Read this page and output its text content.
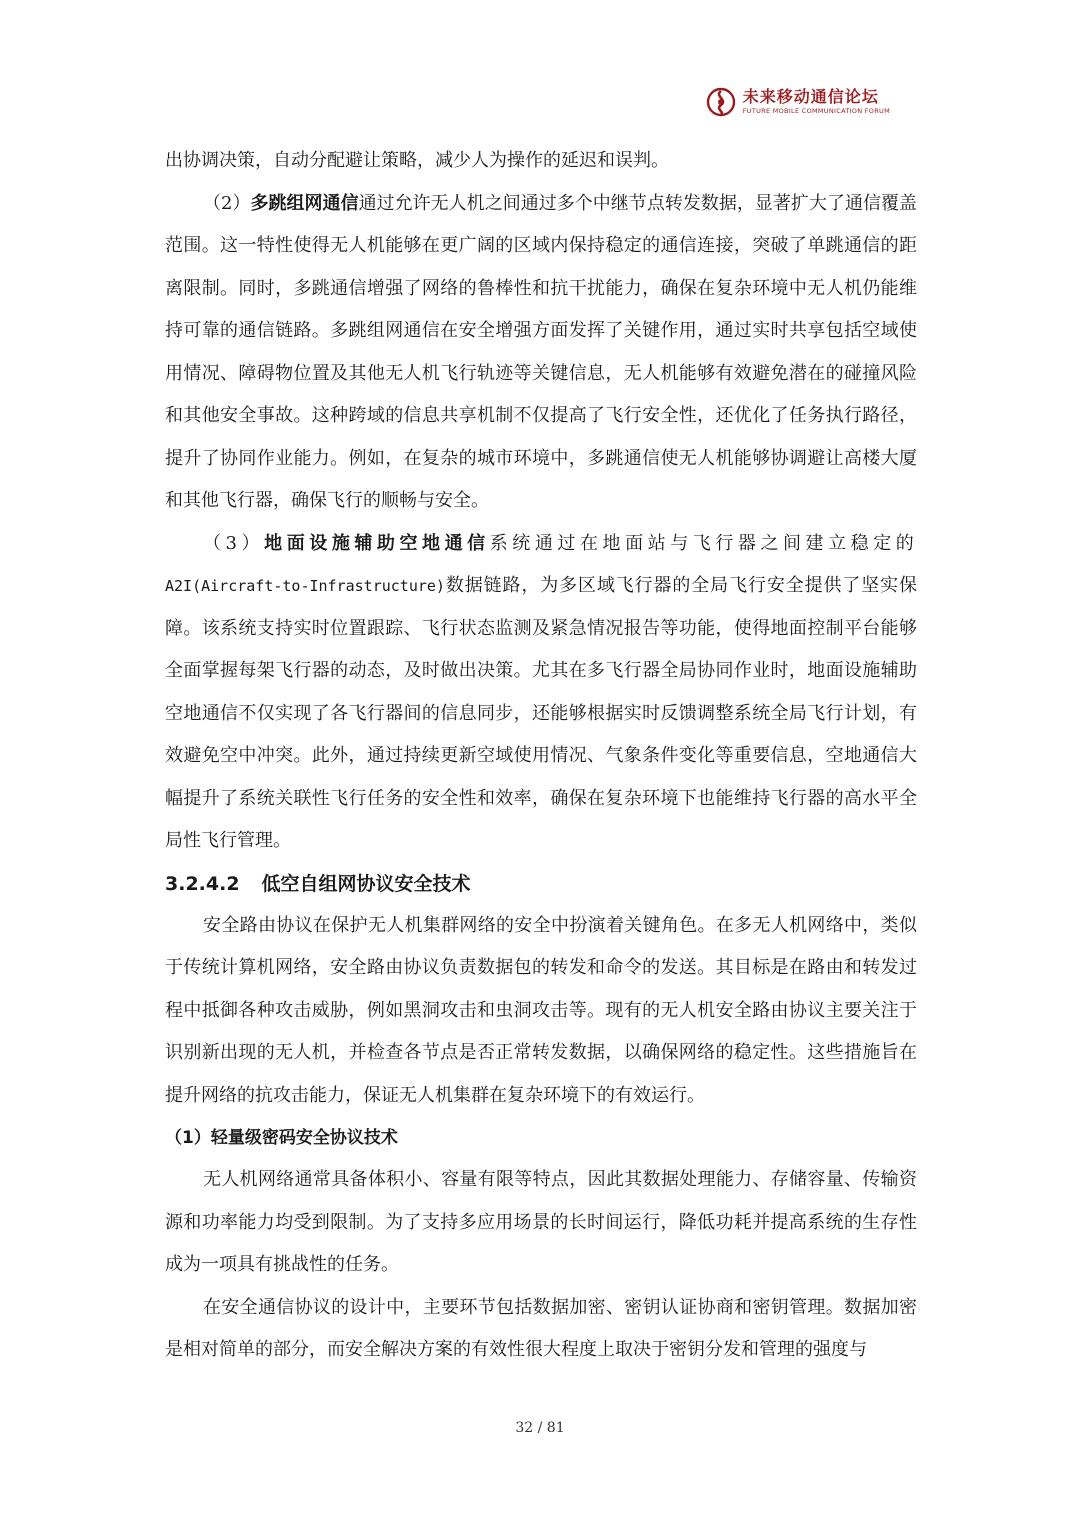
未来移动通信论坛
FUTURE MOBILE COMMUNICATION FORUM

出协调决策，自动分配避让策略，减少人为操作的延迟和误判。

（2）多跳组网通信通过允许无人机之间通过多个中继节点转发数据，显著扩大了通信覆盖范围。这一特性使得无人机能够在更广阔的区域内保持稳定的通信连接，突破了单跳通信的距离限制。同时，多跳通信增强了网络的鲁棒性和抗干扰能力，确保在复杂环境中无人机仍能维持可靠的通信链路。多跳组网通信在安全增强方面发挥了关键作用，通过实时共享包括空域使用情况、障碍物位置及其他无人机飞行轨迹等关键信息，无人机能够有效避免潜在的碰撞风险和其他安全事故。这种跨域的信息共享机制不仅提高了飞行安全性，还优化了任务执行路径，提升了协同作业能力。例如，在复杂的城市环境中，多跳通信使无人机能够协调避让高楼大厦和其他飞行器，确保飞行的顺畅与安全。

（3）地面设施辅助空地通信系统通过在地面站与飞行器之间建立稳定的A2I(Aircraft-to-Infrastructure)数据链路，为多区域飞行器的全局飞行安全提供了坚实保障。该系统支持实时位置跟踪、飞行状态监测及紧急情况报告等功能，使得地面控制平台能够全面掌握每架飞行器的动态，及时做出决策。尤其在多飞行器全局协同作业时，地面设施辅助空地通信不仅实现了各飞行器间的信息同步，还能够根据实时反馈调整系统全局飞行计划，有效避免空中冲突。此外，通过持续更新空域使用情况、气象条件变化等重要信息，空地通信大幅提升了系统关联性飞行任务的安全性和效率，确保在复杂环境下也能维持飞行器的高水平全局性飞行管理。

3.2.4.2 低空自组网协议安全技术

安全路由协议在保护无人机集群网络的安全中扮演着关键角色。在多无人机网络中，类似于传统计算机网络，安全路由协议负责数据包的转发和命令的发送。其目标是在路由和转发过程中抵御各种攻击威胁，例如黑洞攻击和虫洞攻击等。现有的无人机安全路由协议主要关注于识别新出现的无人机，并检查各节点是否正常转发数据，以确保网络的稳定性。这些措施旨在提升网络的抗攻击能力，保证无人机集群在复杂环境下的有效运行。

（1）轻量级密码安全协议技术

无人机网络通常具备体积小、容量有限等特点，因此其数据处理能力、存储容量、传输资源和功率能力均受到限制。为了支持多应用场景的长时间运行，降低功耗并提高系统的生存性成为一项具有挑战性的任务。

在安全通信协议的设计中，主要环节包括数据加密、密钥认证协商和密钥管理。数据加密是相对简单的部分，而安全解决方案的有效性很大程度上取决于密钥分发和管理的强度与

32 / 81
